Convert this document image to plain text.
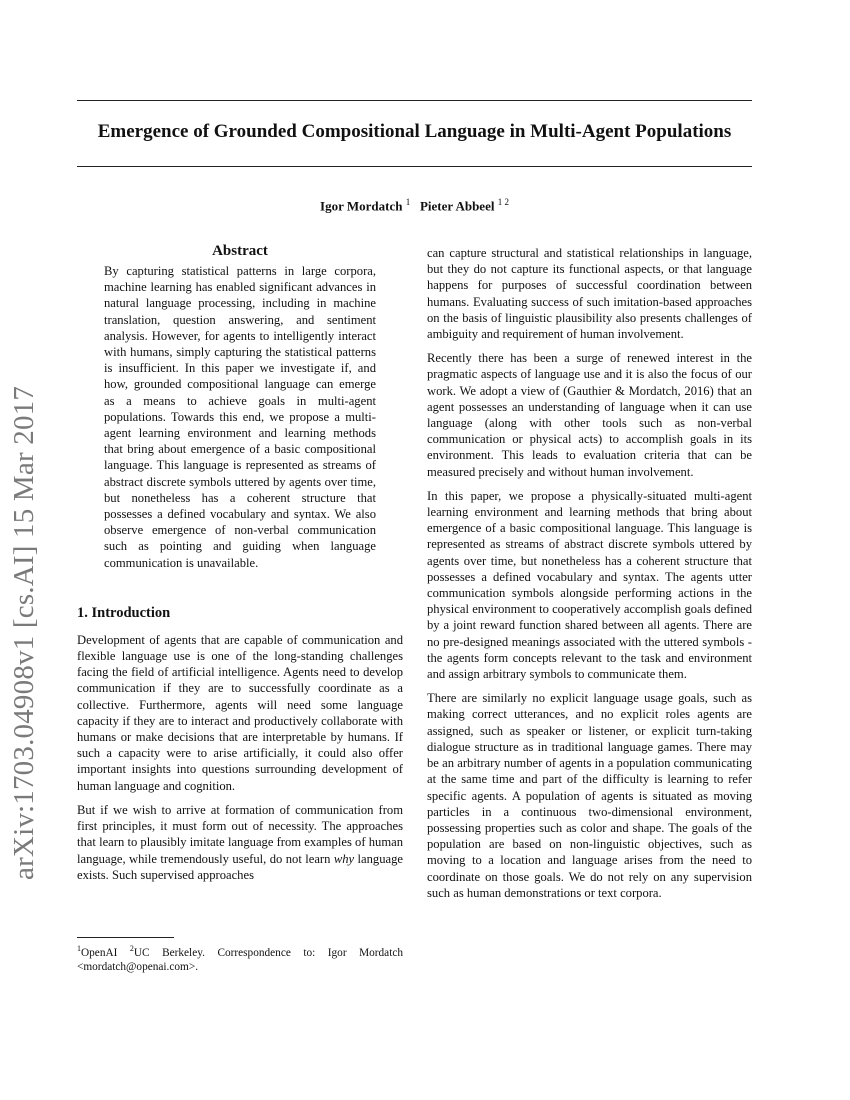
arXiv:1703.04908v1 [cs.AI] 15 Mar 2017
Emergence of Grounded Compositional Language in Multi-Agent Populations
Igor Mordatch $^1$ Pieter Abbeel $^{1 2}$
Abstract
By capturing statistical patterns in large corpora, machine learning has enabled significant advances in natural language processing, including in machine translation, question answering, and sentiment analysis. However, for agents to intelligently interact with humans, simply capturing the statistical patterns is insufficient. In this paper we investigate if, and how, grounded compositional language can emerge as a means to achieve goals in multi-agent populations. Towards this end, we propose a multi-agent learning environment and learning methods that bring about emergence of a basic compositional language. This language is represented as streams of abstract discrete symbols uttered by agents over time, but nonetheless has a coherent structure that possesses a defined vocabulary and syntax. We also observe emergence of non-verbal communication such as pointing and guiding when language communication is unavailable.
1. Introduction

Development of agents that are capable of communication and flexible language use is one of the long-standing challenges facing the field of artificial intelligence. Agents need to develop communication if they are to successfully coordinate as a collective. Furthermore, agents will need some language capacity if they are to interact and productively collaborate with humans or make decisions that are interpretable by humans. If such a capacity were to arise artificially, it could also offer important insights into questions surrounding development of human language and cognition.

But if we wish to arrive at formation of communication from first principles, it must form out of necessity. The approaches that learn to plausibly imitate language from examples of human language, while tremendously useful, do not learn why language exists. Such supervised approaches

$^1$OpenAI $^2$UC Berkeley. Correspondence to: Igor Mordatch <mordatch@openai.com>.

can capture structural and statistical relationships in language, but they do not capture its functional aspects, or that language happens for purposes of successful coordination between humans. Evaluating success of such imitation-based approaches on the basis of linguistic plausibility also presents challenges of ambiguity and requirement of human involvement.

Recently there has been a surge of renewed interest in the pragmatic aspects of language use and it is also the focus of our work. We adopt a view of (Gauthier & Mordatch, 2016) that an agent possesses an understanding of language when it can use language (along with other tools such as non-verbal communication or physical acts) to accomplish goals in its environment. This leads to evaluation criteria that can be measured precisely and without human involvement.

In this paper, we propose a physically-situated multi-agent learning environment and learning methods that bring about emergence of a basic compositional language. This language is represented as streams of abstract discrete symbols uttered by agents over time, but nonetheless has a coherent structure that possesses a defined vocabulary and syntax. The agents utter communication symbols alongside performing actions in the physical environment to cooperatively accomplish goals defined by a joint reward function shared between all agents. There are no pre-designed meanings associated with the uttered symbols - the agents form concepts relevant to the task and environment and assign arbitrary symbols to communicate them.

There are similarly no explicit language usage goals, such as making correct utterances, and no explicit roles agents are assigned, such as speaker or listener, or explicit turn-taking dialogue structure as in traditional language games. There may be an arbitrary number of agents in a population communicating at the same time and part of the difficulty is learning to refer specific agents. A population of agents is situated as moving particles in a continuous two-dimensional environment, possessing properties such as color and shape. The goals of the population are based on non-linguistic objectives, such as moving to a location and language arises from the need to coordinate on those goals. We do not rely on any supervision such as human demonstrations or text corpora.
